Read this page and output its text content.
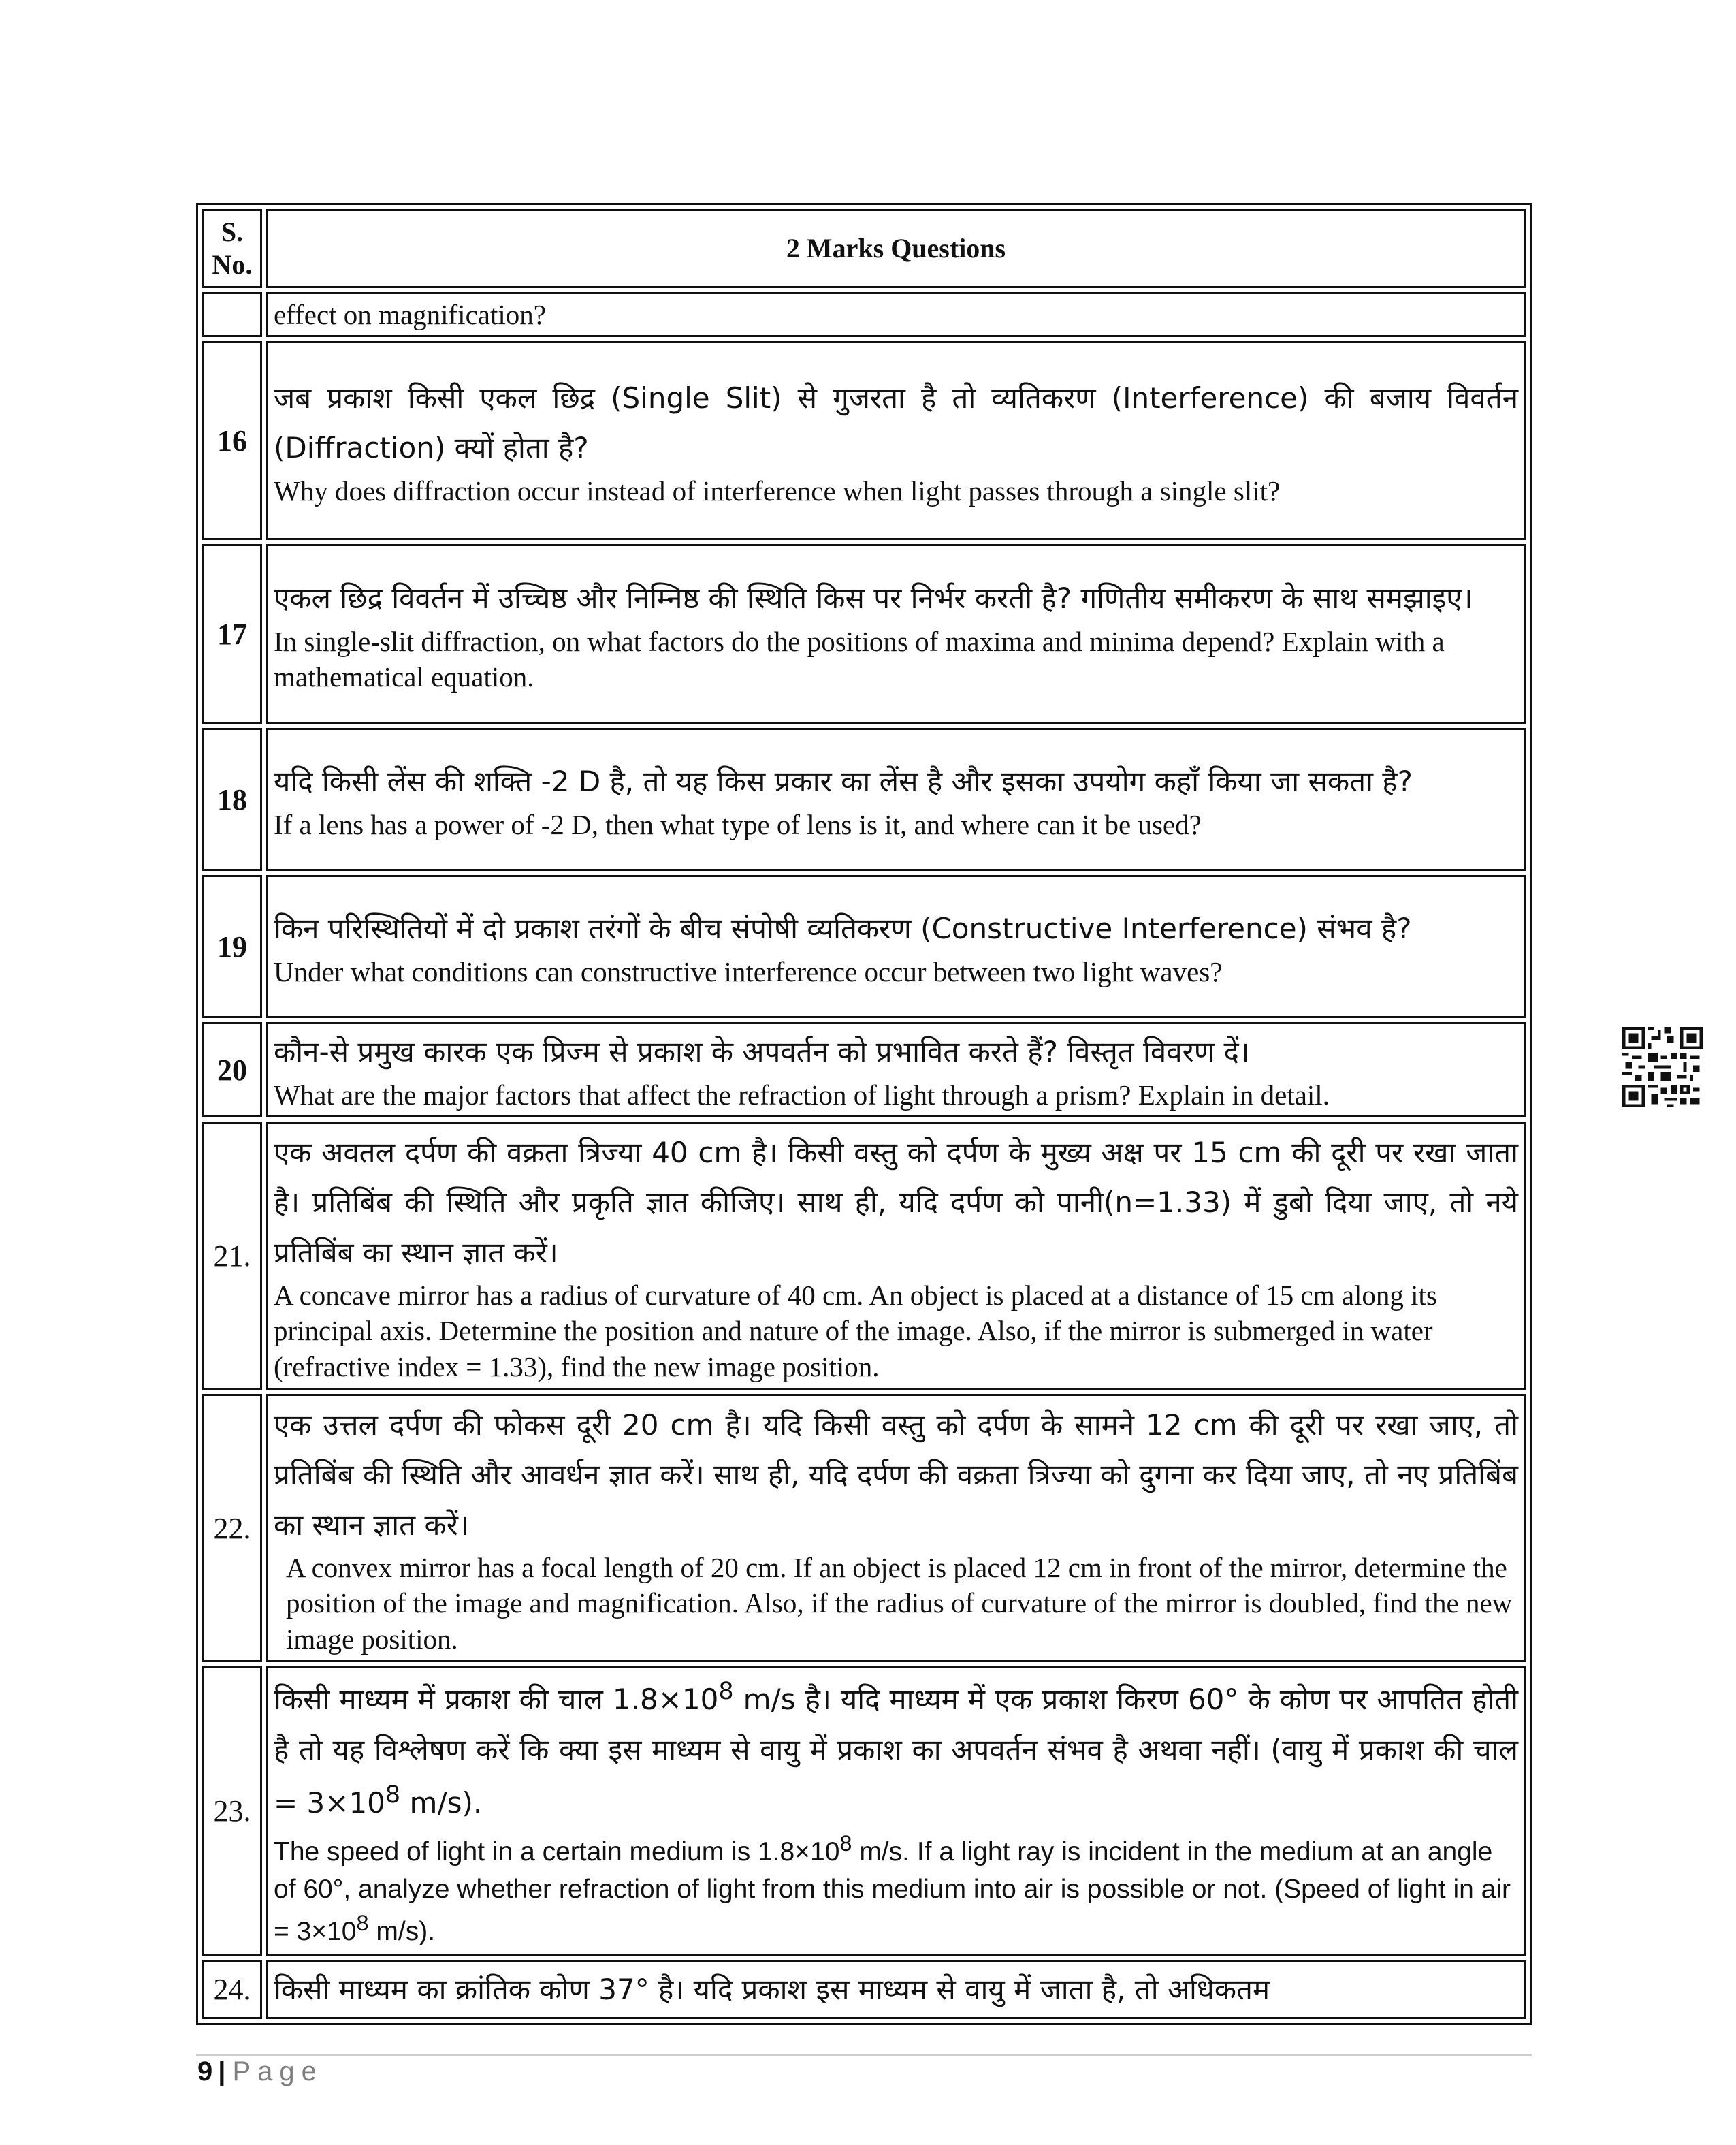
S. No.	2 Marks Questions

	effect on magnification?

16	जब प्रकाश किसी एकल छिद्र (Single Slit) से गुजरता है तो व्यतिकरण (Interference) की बजाय विवर्तन (Diffraction) क्यों होता है?

Why does diffraction occur instead of interference when light passes through a single slit?

17	एकल छिद्र विवर्तन में उच्चिष्ठ और निम्निष्ठ की स्थिति किस पर निर्भर करती है? गणितीय समीकरण के साथ समझाइए।

In single-slit diffraction, on what factors do the positions of maxima and minima depend? Explain with a mathematical equation.

18	यदि किसी लेंस की शक्ति -2 D है, तो यह किस प्रकार का लेंस है और इसका उपयोग कहाँ किया जा सकता है?

If a lens has a power of -2 D, then what type of lens is it, and where can it be used?

19	किन परिस्थितियों में दो प्रकाश तरंगों के बीच संपोषी व्यतिकरण (Constructive Interference) संभव है?

Under what conditions can constructive interference occur between two light waves?

20	कौन-से प्रमुख कारक एक प्रिज्म से प्रकाश के अपवर्तन को प्रभावित करते हैं? विस्तृत विवरण दें।

What are the major factors that affect the refraction of light through a prism? Explain in detail.

21.	एक अवतल दर्पण की वक्रता त्रिज्या 40 cm है। किसी वस्तु को दर्पण के मुख्य अक्ष पर 15 cm की दूरी पर रखा जाता है। प्रतिबिंब की स्थिति और प्रकृति ज्ञात कीजिए। साथ ही, यदि दर्पण को पानी(n=1.33) में डुबो दिया जाए, तो नये प्रतिबिंब का स्थान ज्ञात करें।

A concave mirror has a radius of curvature of 40 cm. An object is placed at a distance of 15 cm along its principal axis. Determine the position and nature of the image. Also, if the mirror is submerged in water (refractive index = 1.33), find the new image position.

22.	एक उत्तल दर्पण की फोकस दूरी 20 cm है। यदि किसी वस्तु को दर्पण के सामने 12 cm की दूरी पर रखा जाए, तो प्रतिबिंब की स्थिति और आवर्धन ज्ञात करें। साथ ही, यदि दर्पण की वक्रता त्रिज्या को दुगना कर दिया जाए, तो नए प्रतिबिंब का स्थान ज्ञात करें।

A convex mirror has a focal length of 20 cm. If an object is placed 12 cm in front of the mirror, determine the position of the image and magnification. Also, if the radius of curvature of the mirror is doubled, find the new image position.

23.	किसी माध्यम में प्रकाश की चाल $1.8\times 10^8$ m/s है। यदि माध्यम में एक प्रकाश किरण 60° के कोण पर आपतित होती है तो यह विश्लेषण करें कि क्या इस माध्यम से वायु में प्रकाश का अपवर्तन संभव है अथवा नहीं। (वायु में प्रकाश की चाल = $3\times 10^8$ m/s).

The speed of light in a certain medium is $1.8\times 10^8$ m/s. If a light ray is incident in the medium at an angle of 60°, analyze whether refraction of light from this medium into air is possible or not. (Speed of light in air = $3\times 10^8$ m/s).

24.	किसी माध्यम का क्रांतिक कोण 37° है। यदि प्रकाश इस माध्यम से वायु में जाता है, तो अधिकतम

9 | Page
